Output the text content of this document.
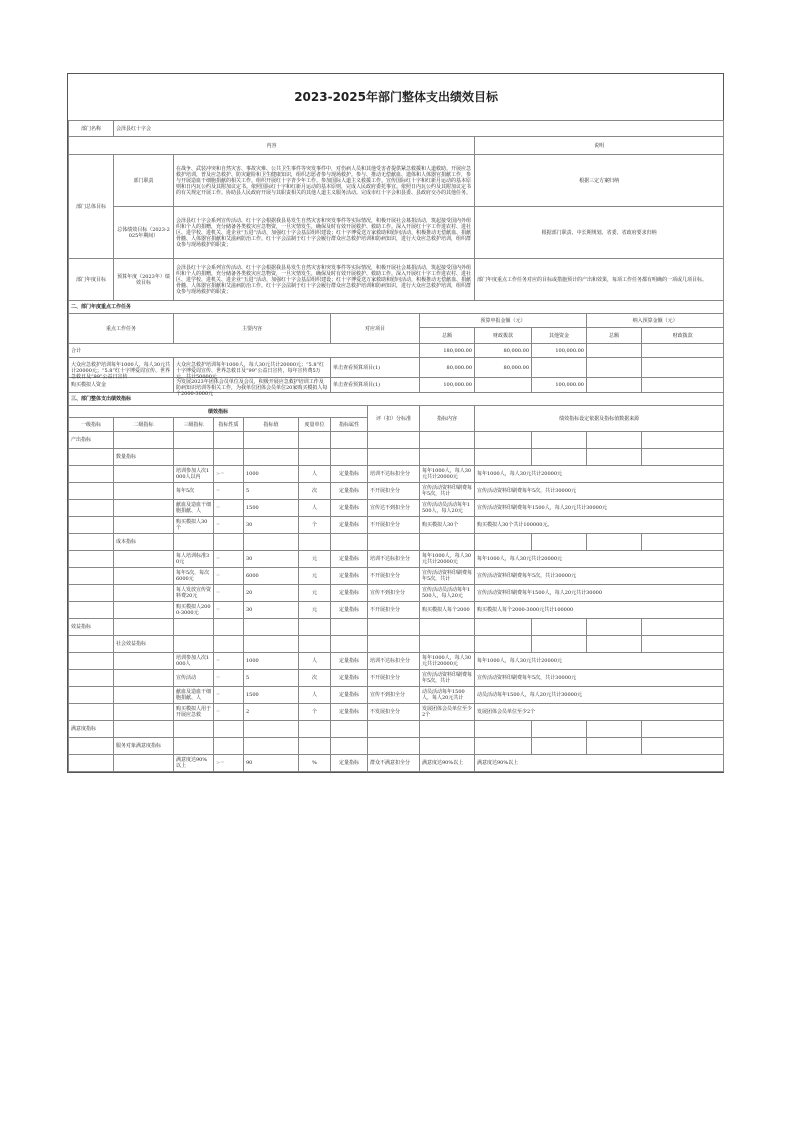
2023-2025年部门整体支出绩效目标												
部门名称	会泽县红十字会											
内容									说明			
部门总体目标	部门职责	在战争、武装冲突和自然灾害、事故灾难、公共卫生事件等突发事件中，对伤病人员和其他受害者提供紧急救援和人道救助。开展应急救护培训，普及应急救护、防灾避险和卫生健康知识，组织志愿者参与现场救护。参与、推动无偿献血、遗体和人体器官捐献工作，参与开展造血干细胞捐献的相关工作。组织开展红十字青少年工作。参加国际人道主义救援工作。宣传国际红十字和红新月运动的基本原则和日内瓦公约及其附加议定书。依照国际红十字和红新月运动的基本原则，完成人民政府委托事宜。依照日内瓦公约及其附加议定书的有关规定开展工作。协助县人民政府开展与其职责相关的其他人道主义服务活动。完成市红十字会和县委、县政府交办的其他任务。							根据三定方案归纳			
	总体绩效目标（2023-2025年期间）	会泽县红十字会系列宣传活动、红十字会根据我县易发生自然灾害和突发事件等实际情况，积极开展社会募捐活动，筑起接受国内外组织和个人的捐赠，充分储备各类救灾应急物资，一旦灾情发生，确保及时有效开展救护、救助工作。深入开展红十字工作进农村、进社区、进学校、进机关、进企业“五进”活动，加强红十字会基层组织建设；红十字博爱送万家救助和慰问活动，积极推动无偿献血、捐献骨髓、人体器官捐献和艾滋病防治工作。红十字会法制于红十字会履行群众应急救护培训和防病知识，进行大众应急救护培训，组织群众参与现场救护的职责；							根据部门职责、中长期规划、省委、省政府要求归纳			
部门年度目标	预算年度（2023年）绩效目标	会泽县红十字会系列宣传活动、红十字会根据我县易发生自然灾害和突发事件等实际情况，积极开展社会募捐活动，筑起接受国内外组织和个人的捐赠，充分储备各类救灾应急物资，一旦灾情发生，确保及时有效开展救护、救助工作。深入开展红十字工作进农村、进社区、进学校、进机关、进企业“五进”活动，加强红十字会基层组织建设；红十字博爱送万家救助和慰问活动，积极推动无偿献血、捐献骨髓、人体器官捐献和艾滋病防治工作。红十字会法制于红十字会履行群众应急救护培训和防病知识，进行大众应急救护培训，组织群众参与现场救护的职责；							部门年度重点工作任务对应的目标或措施预计的产出和效果，每项工作任务都有明确的一项或几项目标。			
二、部门年度重点工作任务												
重点工作任务		主要内容				对应项目		预算申报金额（元）			纳入预算金额（元）	
								总额	财政拨款	其他资金	总额	财政拨款
合计								180,000.00	80,000.00	100,000.00		

大众应急救护培训每年1000人，每人30元共计20000元；“5.8”红十字博爱周宣传、世界急救日及“99”公益日宣传		大众应急救护培训每年1000人，每人30元共计20000元；“5.8”红十字博爱周宣传、世界急救日及“99”公益日宣传，每年宣传费5万元，共计50000元				单击查看预算项目(1)		80,000.00	80,000.00			

购买模拟人资金		为发展2023年团体会员单位及会员，积极开展应急救护培训工作及防病知识培训等相关工作，为我单位团体会员单位20家购买模拟人每个2000-3000元				单击查看预算项目(1)		100,000.00		100,000.00		
三、部门整体支出绩效指标												
绩效指标							评（扣）分标准	指标内容	绩效指标设定依据及指标值数据来源			
一级指标	二级指标	三级指标	指标性质	指标值	度量单位	指标属性						

产出指标												

	数量指标											

		培训参加人次1000人以内	>=	1000	人	定量指标	培训不达标扣全分	每年1000人，每人30元共计20000元	每年1000人，每人30元共计20000元			

		每年5次	=	5	次	定量指标	不开展扣全分	宣传活动资料印刷费每年5次，共计	宣传活动资料印刷费每年5次，共计30000元			

		献血及造血干细胞捐献、人	=	1500	人	定量指标	宣传达不到扣全分	宣传活动员活动每年1500人，每人20元	宣传活动资料印刷费每年1500人，每人20元共计30000元			

		购买模拟人30个	=	30	个	定量指标	不开展扣全分	购买模拟人30个	购买模拟人30个共计100000元。			

	成本指标											

		每人培训标准30元	=	30	元	定量指标	培训不达标扣全分	每年1000人，每人30元共计20000元	每年1000人，每人30元共计20000元			

		每年5次，每次6000元	=	6000	元	定量指标	不开展扣全分	宣传活动资料印刷费每年5次，共计	宣传活动资料印刷费每年5次，共计30000元			

		每人发放宣传资料费20元	=	20	元	定量指标	宣传不到扣全分	宣传活动员活动每年1500人，每人20元	宣传活动资料印刷费每年1500人，每人20元共计30000			

		购买模拟人2000-3000元	=	30	元	定量指标	不开展扣全分	购买模拟人每个2000	购买模拟人每个2000-3000元共计100000			

效益指标												

	社会效益指标											

		培训参加人次1000人	=	1000	人	定量指标	培训不达标扣全分	每年1000人，每人30元共计20000元	每年1000人，每人30元共计20000元			

		宣传活动	=	5	次	定量指标	不开展扣全分	宣传活动资料印刷费每年5次，共计	宣传活动资料印刷费每年5次，共计30000元			

		献血及造血干细胞捐献、人	=	1500	人	定量指标	宣传不到扣全分	动员活动每年1500人，每人20元共计	动员活动每年1500人，每人20元共计30000元			

		购买模拟人用于开展应急救	=	2	个	定量指标	不发展扣全分	发展团体会员单位至少2个	发展团体会员单位至少2个			

满意度指标												

	服务对象满意度指标											

		满意度达90%以上	>=	90	%	定量指标	群众不满意扣全分	满意度达90%以上	满意度达90%以上			
